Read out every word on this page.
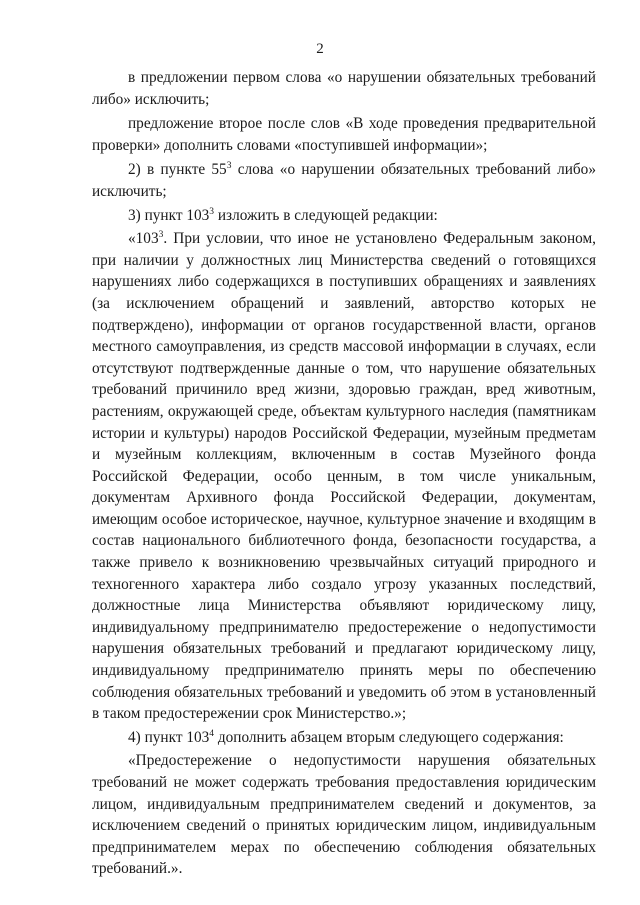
2

в предложении первом слова «о нарушении обязательных требований либо» исключить;

предложение второе после слов «В ходе проведения предварительной проверки» дополнить словами «поступившей информации»;

2) в пункте $55^3$ слова «о нарушении обязательных требований либо» исключить;

3) пункт $103^3$ изложить в следующей редакции:

«$103^3$. При условии, что иное не установлено Федеральным законом, при наличии у должностных лиц Министерства сведений о готовящихся нарушениях либо содержащихся в поступивших обращениях и заявлениях (за исключением обращений и заявлений, авторство которых не подтверждено), информации от органов государственной власти, органов местного самоуправления, из средств массовой информации в случаях, если отсутствуют подтвержденные данные о том, что нарушение обязательных требований причинило вред жизни, здоровью граждан, вред животным, растениям, окружающей среде, объектам культурного наследия (памятникам истории и культуры) народов Российской Федерации, музейным предметам и музейным коллекциям, включенным в состав Музейного фонда Российской Федерации, особо ценным, в том числе уникальным, документам Архивного фонда Российской Федерации, документам, имеющим особое историческое, научное, культурное значение и входящим в состав национального библиотечного фонда, безопасности государства, а также привело к возникновению чрезвычайных ситуаций природного и техногенного характера либо создало угрозу указанных последствий, должностные лица Министерства объявляют юридическому лицу, индивидуальному предпринимателю предостережение о недопустимости нарушения обязательных требований и предлагают юридическому лицу, индивидуальному предпринимателю принять меры по обеспечению соблюдения обязательных требований и уведомить об этом в установленный в таком предостережении срок Министерство.»;

4) пункт $103^4$ дополнить абзацем вторым следующего содержания:

«Предостережение о недопустимости нарушения обязательных требований не может содержать требования предоставления юридическим лицом, индивидуальным предпринимателем сведений и документов, за исключением сведений о принятых юридическим лицом, индивидуальным предпринимателем мерах по обеспечению соблюдения обязательных требований.».
